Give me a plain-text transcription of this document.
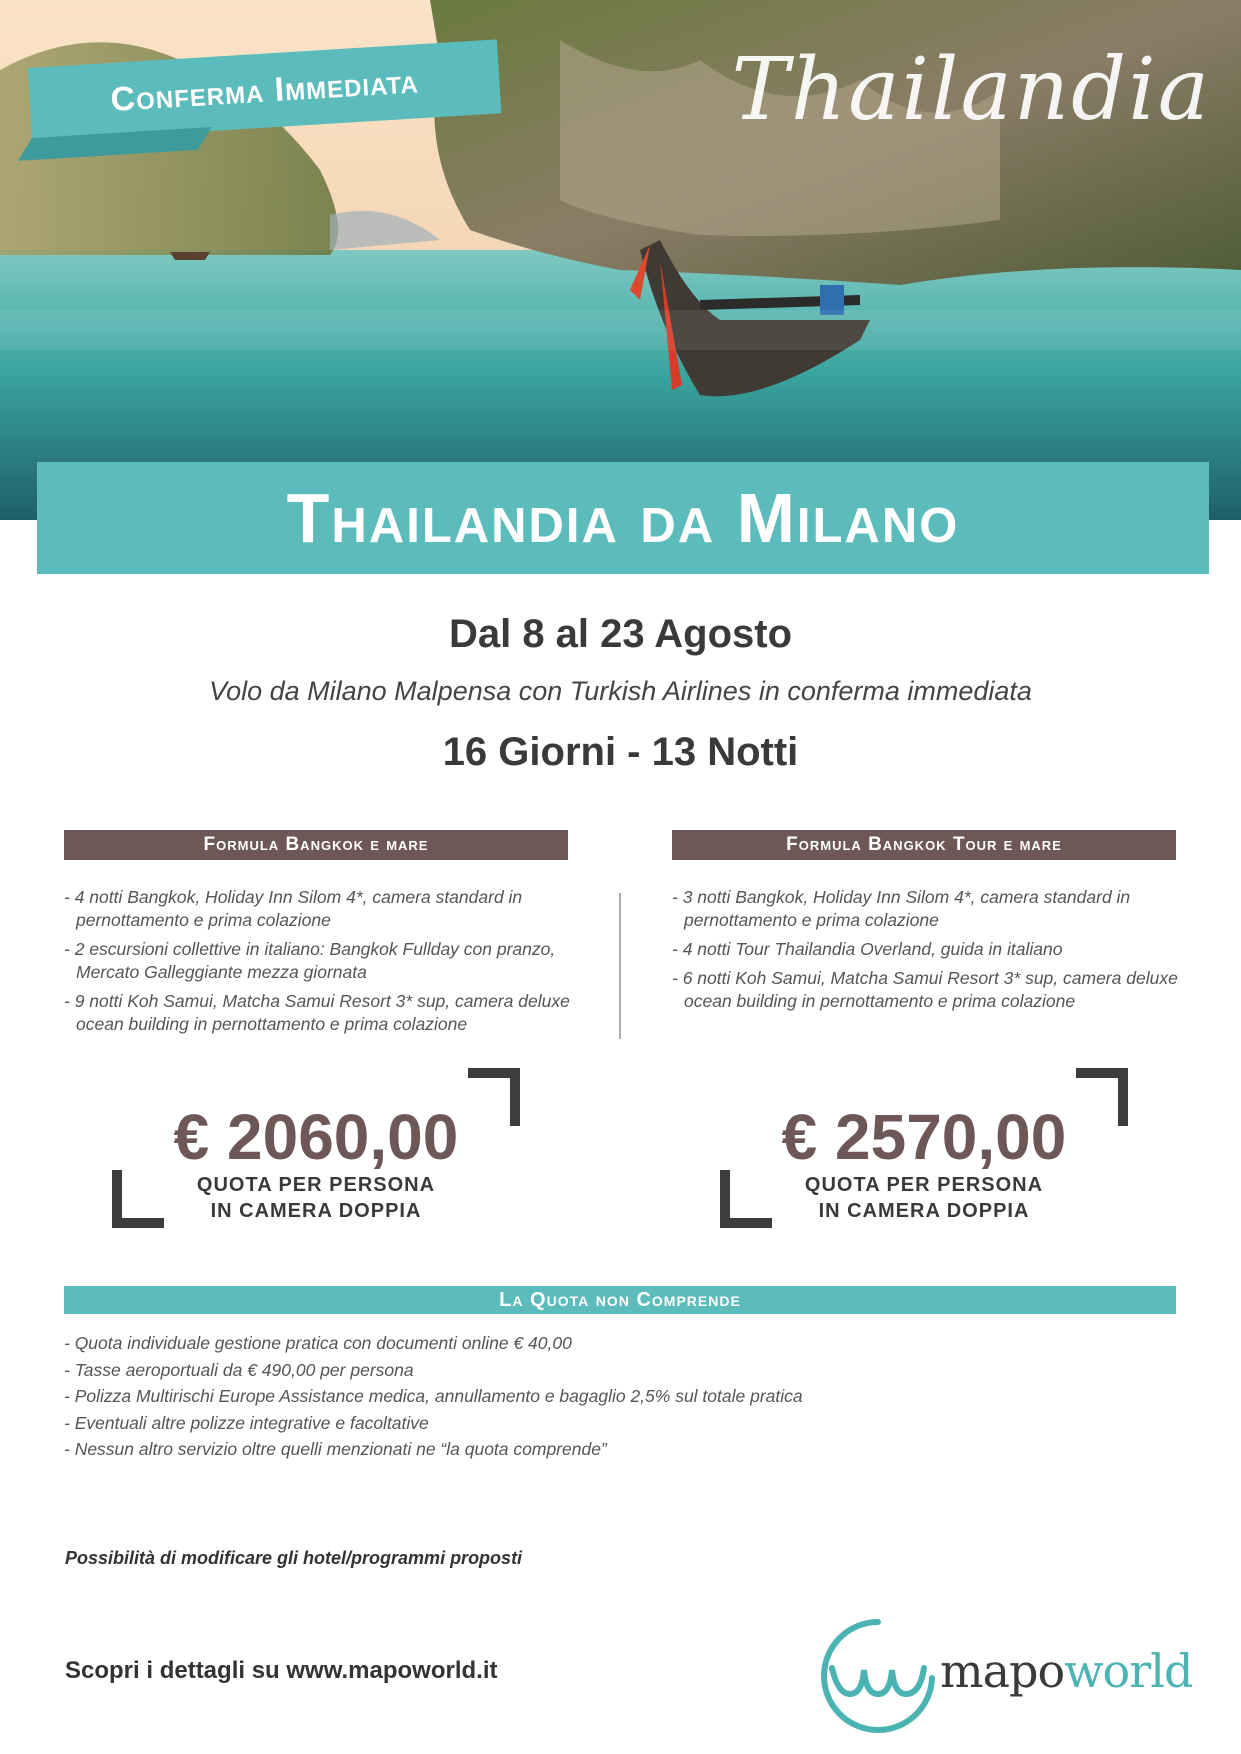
Conferma Immediata	Thailandia
Thailandia da Milano
Dal 8 al 23 Agosto
Volo da Milano Malpensa con Turkish Airlines in conferma immediata
16 Giorni - 13 Notti
Formula Bangkok e mare
- 4 notti Bangkok, Holiday Inn Silom 4*, camera standard in pernottamento e prima colazione
- 2 escursioni collettive in italiano: Bangkok Fullday con pranzo, Mercato Galleggiante mezza giornata
- 9 notti Koh Samui, Matcha Samui Resort 3* sup, camera deluxe ocean building in pernottamento e prima colazione
Formula Bangkok Tour e mare
- 3 notti Bangkok, Holiday Inn Silom 4*, camera standard in pernottamento e prima colazione
- 4 notti Tour Thailandia Overland, guida in italiano
- 6 notti Koh Samui, Matcha Samui Resort 3* sup, camera deluxe ocean building in pernottamento e prima colazione
€ 2060,00
QUOTA PER PERSONA
IN CAMERA DOPPIA
€ 2570,00
QUOTA PER PERSONA
IN CAMERA DOPPIA
La Quota non Comprende
- Quota individuale gestione pratica con documenti online € 40,00
- Tasse aeroportuali da € 490,00 per persona
- Polizza Multirischi Europe Assistance medica, annullamento e bagaglio 2,5% sul totale pratica
- Eventuali altre polizze integrative e facoltative
- Nessun altro servizio oltre quelli menzionati ne “la quota comprende”
Possibilità di modificare gli hotel/programmi proposti
Scopri i dettagli su www.mapoworld.it	mapoworld
